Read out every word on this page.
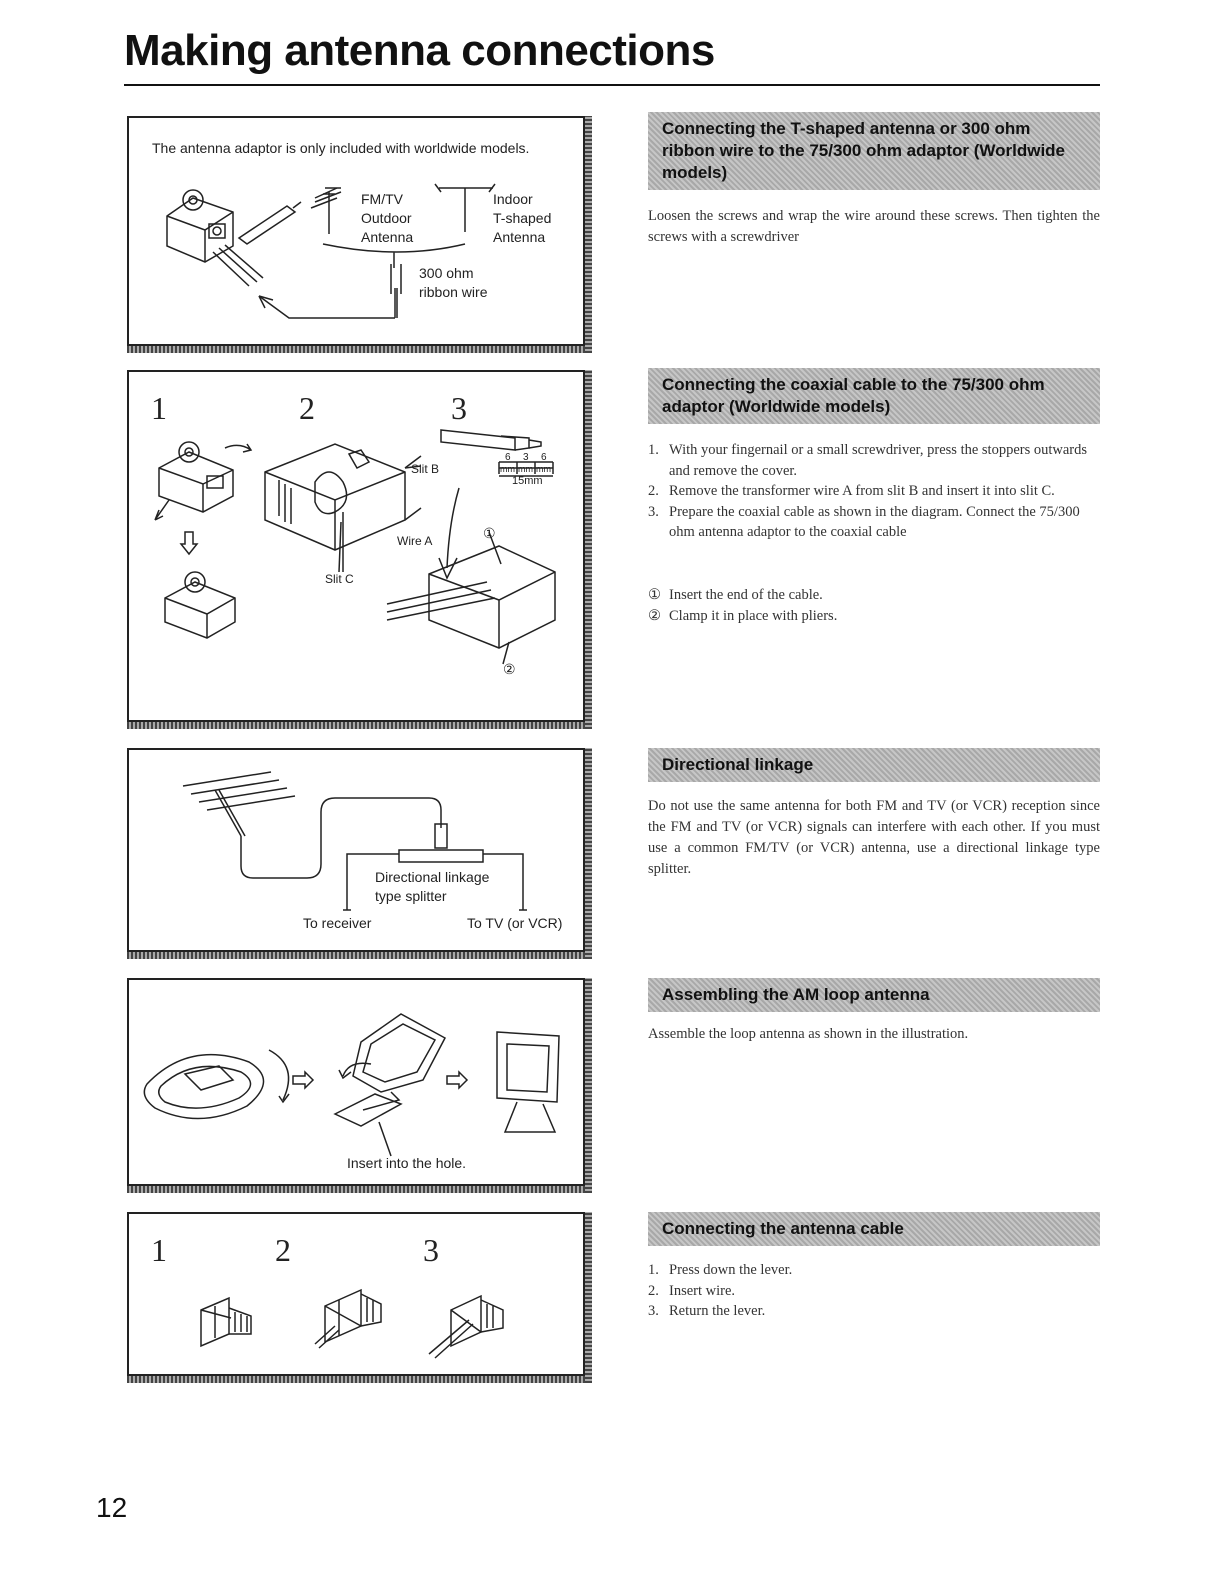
Making antenna connections
The antenna adaptor is only included with worldwide models.
FM/TV
Outdoor
Antenna
Indoor
T-shaped
Antenna
300 ohm
ribbon wire
1	2	3
Slit B
Slit C
Wire A
6 3 6
mm mm mm
15mm
①
②
Directional linkage
type splitter
To receiver	To TV (or VCR)
Insert into the hole.
1	2	3
Connecting the T-shaped antenna or 300 ohm ribbon wire to the 75/300 ohm adaptor (Worldwide models)

Loosen the screws and wrap the wire around these screws. Then tighten the screws with a screwdriver

Connecting the coaxial cable to the 75/300 ohm adaptor (Worldwide models)
1. With your fingernail or a small screwdriver, press the stoppers outwards and remove the cover.
2. Remove the transformer wire A from slit B and insert it into slit C.
3. Prepare the coaxial cable as shown in the diagram. Connect the 75/300 ohm antenna adaptor to the coaxial cable
① Insert the end of the cable.
② Clamp it in place with pliers.
Directional linkage

Do not use the same antenna for both FM and TV (or VCR) reception since the FM and TV (or VCR) signals can interfere with each other. If you must use a common FM/TV (or VCR) antenna, use a directional linkage type splitter.

Assembling the AM loop antenna

Assemble the loop antenna as shown in the illustration.

Connecting the antenna cable
1. Press down the lever.
2. Insert wire.
3. Return the lever.
12
